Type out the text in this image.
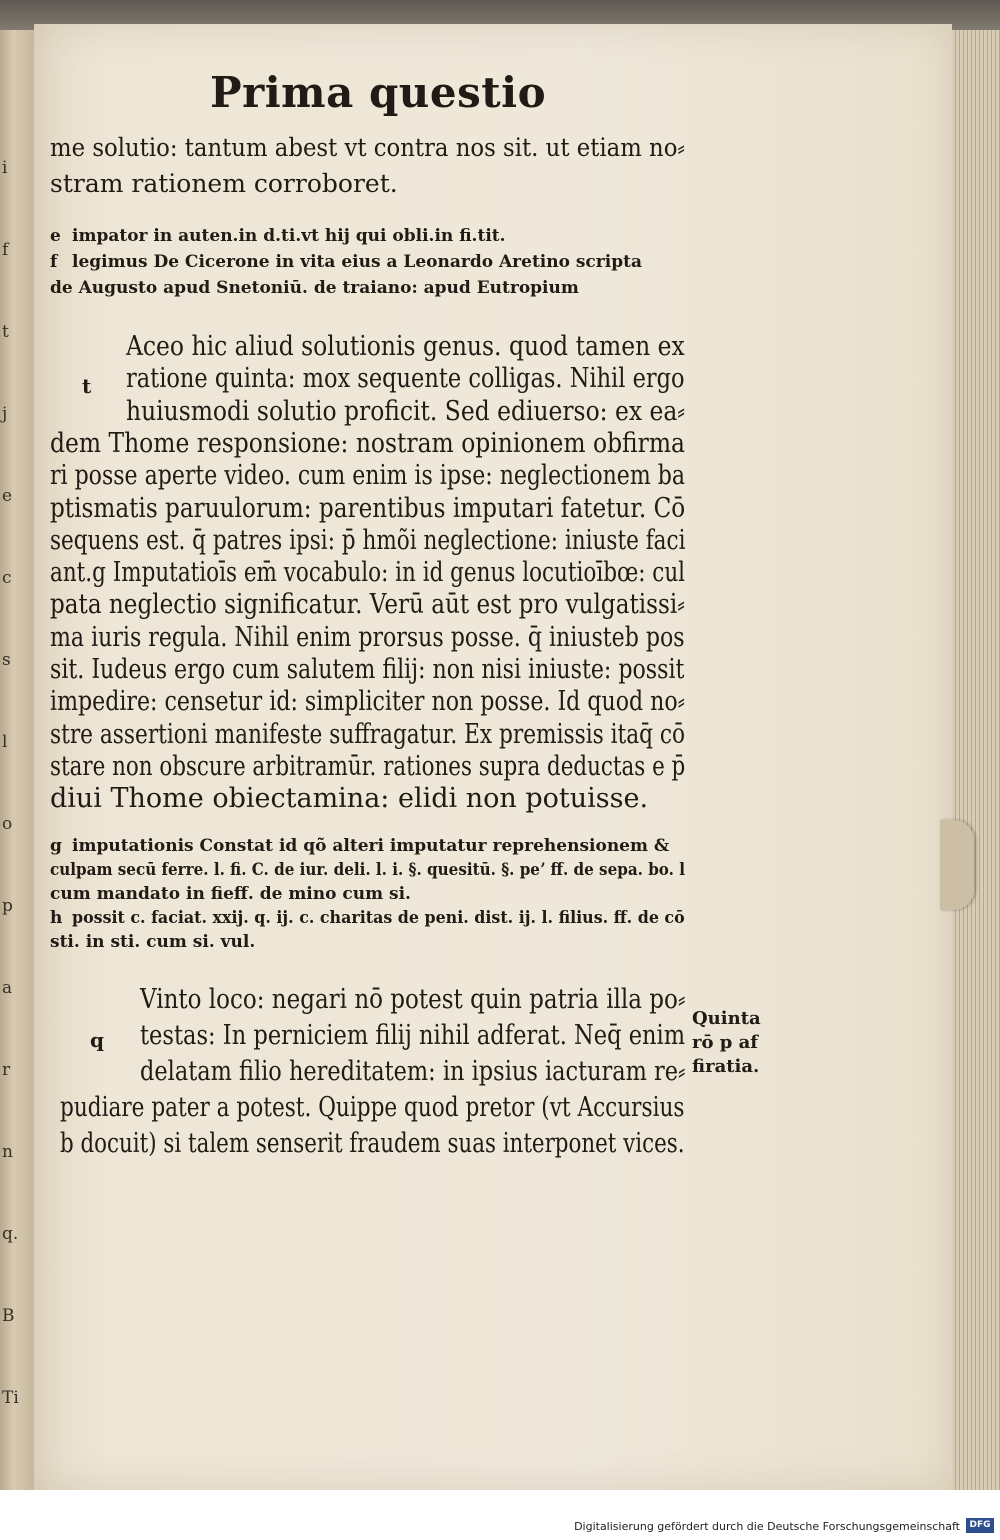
i
f
t
j
e
c
s
l
o
p
a
r
n
q.
B
Ti
Prima questio
me solutio: tantum abest vt contra nos sit. ut etiam no⸗
stram rationem corroboret.
e impator in auten.in d.ti.vt hij qui obli.in fi.tit.
f legimus De Cicerone in vita eius a Leonardo Aretino scripta
de Augusto apud Snetoniū. de traiano: apud Eutropium
t
Aceo hic aliud solutionis genus. quod tamen ex
ratione quinta: mox sequente colligas. Nihil ergo
huiusmodi solutio proficit. Sed ediuerso: ex ea⸗
dem Thome responsione: nostram opinionem obfirma
ri posse aperte video. cum enim is ipse: neglectionem ba
ptismatis paruulorum: parentibus imputari fatetur. Cō
sequens est. q̄ patres ipsi: p̄ hmõi neglectione: iniuste faci
ant.g Imputatioīs em̄ vocabulo: in id genus locutioībœ: cul
pata neglectio significatur. Verū aūt est pro vulgatissi⸗
ma iuris regula. Nihil enim prorsus posse. q̄ iniusteb pos
sit. Iudeus ergo cum salutem filij: non nisi iniuste: possit
impedire: censetur id: simpliciter non posse. Id quod no⸗
stre assertioni manifeste suffragatur. Ex premissis itaq̄ cō
stare non obscure arbitramūr. rationes supra deductas e p̄
diui Thome obiectamina: elidi non potuisse.
g imputationis Constat id qõ alteri imputatur reprehensionem &
culpam secū ferre. l. fi. C. de iur. deli. l. i. §. quesitū. §. peʼ ff. de sepa. bo. l
cum mandato in fieff. de mino cum si.
h possit c. faciat. xxij. q. ij. c. charitas de peni. dist. ij. l. filius. ff. de cō
sti. in sti. cum si. vul.
q
Vinto loco: negari nō potest quin patria illa po⸗
testas: In perniciem filij nihil adferat. Neq̄ enim
delatam filio hereditatem: in ipsius iacturam re⸗
pudiare pater a potest. Quippe quod pretor (vt Accursius
b docuit) si talem senserit fraudem suas interponet vices.
Quinta
rō p af
firatia.
Digitalisierung gefördert durch die Deutsche Forschungsgemeinschaft	DFG
